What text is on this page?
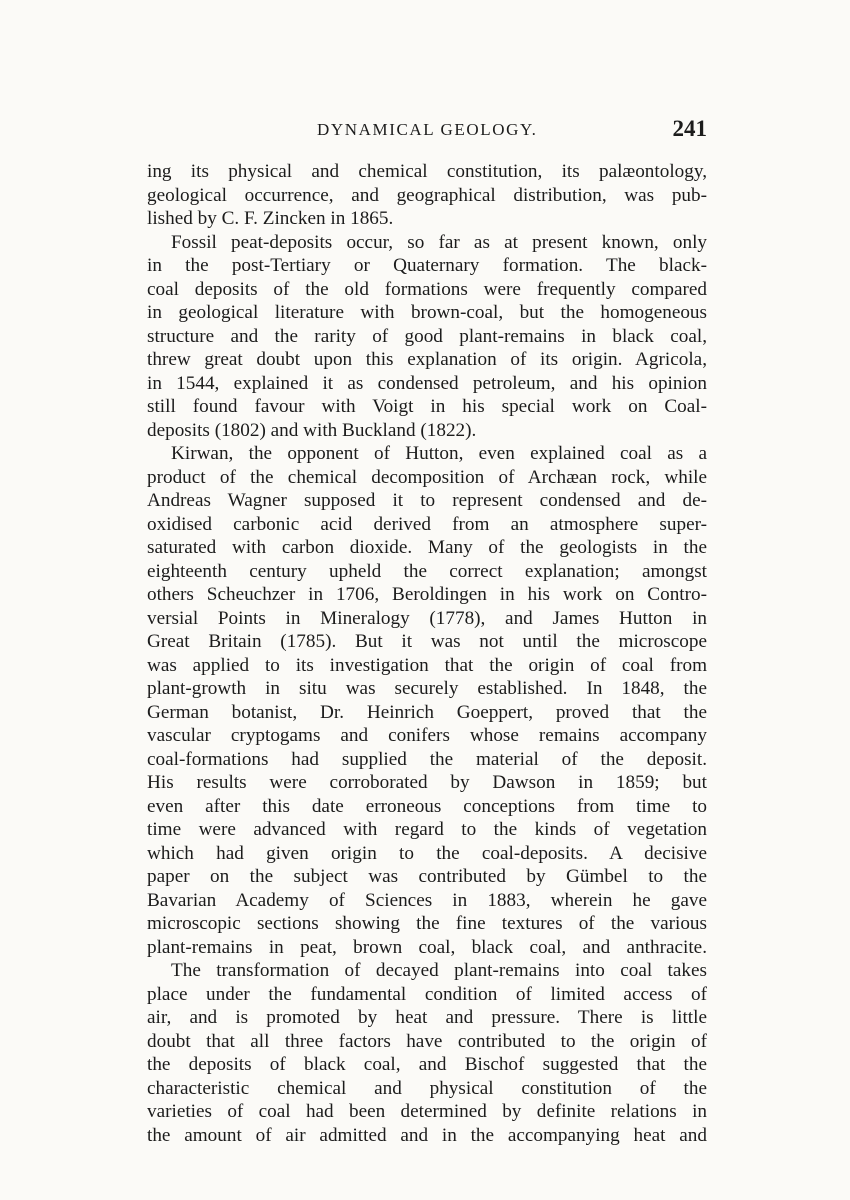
DYNAMICAL GEOLOGY.	241
ing its physical and chemical constitution, its palæontology,
geological occurrence, and geographical distribution, was pub-
lished by C. F. Zincken in 1865.
Fossil peat-deposits occur, so far as at present known, only
in the post-Tertiary or Quaternary formation. The black-
coal deposits of the old formations were frequently compared
in geological literature with brown-coal, but the homogeneous
structure and the rarity of good plant-remains in black coal,
threw great doubt upon this explanation of its origin. Agricola,
in 1544, explained it as condensed petroleum, and his opinion
still found favour with Voigt in his special work on Coal-
deposits (1802) and with Buckland (1822).
Kirwan, the opponent of Hutton, even explained coal as a
product of the chemical decomposition of Archæan rock, while
Andreas Wagner supposed it to represent condensed and de-
oxidised carbonic acid derived from an atmosphere super-
saturated with carbon dioxide. Many of the geologists in the
eighteenth century upheld the correct explanation; amongst
others Scheuchzer in 1706, Beroldingen in his work on Contro-
versial Points in Mineralogy (1778), and James Hutton in
Great Britain (1785). But it was not until the microscope
was applied to its investigation that the origin of coal from
plant-growth in situ was securely established. In 1848, the
German botanist, Dr. Heinrich Goeppert, proved that the
vascular cryptogams and conifers whose remains accompany
coal-formations had supplied the material of the deposit.
His results were corroborated by Dawson in 1859; but
even after this date erroneous conceptions from time to
time were advanced with regard to the kinds of vegetation
which had given origin to the coal-deposits. A decisive
paper on the subject was contributed by Gümbel to the
Bavarian Academy of Sciences in 1883, wherein he gave
microscopic sections showing the fine textures of the various
plant-remains in peat, brown coal, black coal, and anthracite.
The transformation of decayed plant-remains into coal takes
place under the fundamental condition of limited access of
air, and is promoted by heat and pressure. There is little
doubt that all three factors have contributed to the origin of
the deposits of black coal, and Bischof suggested that the
characteristic chemical and physical constitution of the
varieties of coal had been determined by definite relations in
the amount of air admitted and in the accompanying heat and
